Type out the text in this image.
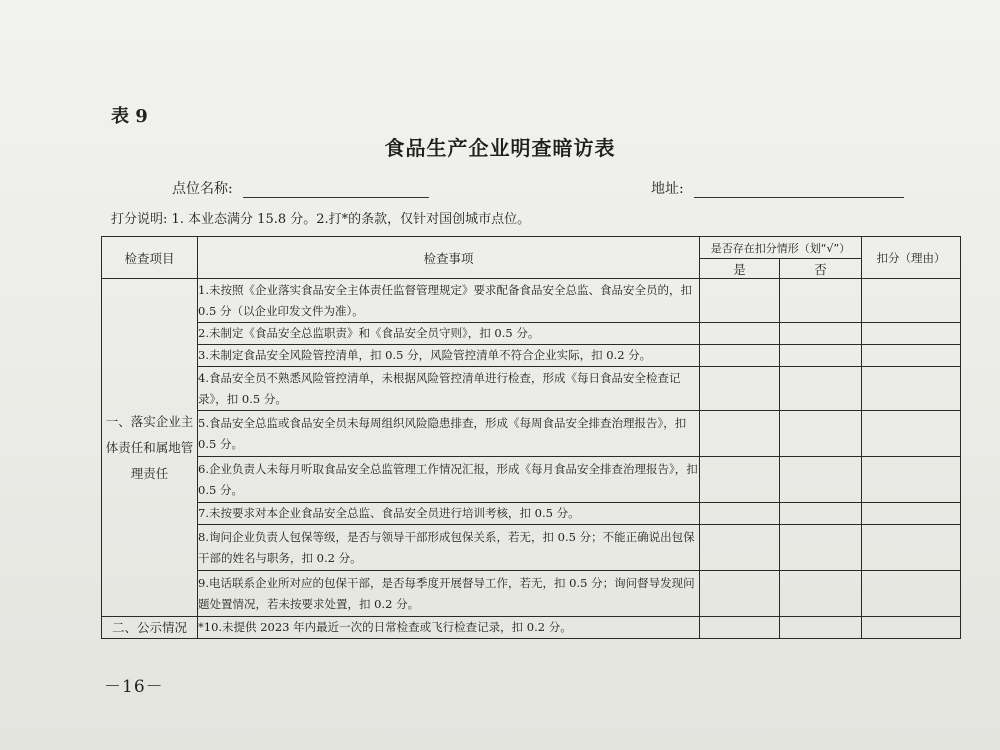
表 9
食品生产企业明查暗访表
点位名称:	地址:
打分说明: 1. 本业态满分 15.8 分。2.打*的条款，仅针对国创城市点位。
检查项目	检查事项	是否存在扣分情形（划“√”）		扣分（理由）
		是	否	
一、落实企业主体责任和属地管理责任	1.未按照《企业落实食品安全主体责任监督管理规定》要求配备食品安全总监、食品安全员的，扣 0.5 分（以企业印发文件为准）。			
	2.未制定《食品安全总监职责》和《食品安全员守则》，扣 0.5 分。			
	3.未制定食品安全风险管控清单，扣 0.5 分，风险管控清单不符合企业实际，扣 0.2 分。			
	4.食品安全员不熟悉风险管控清单，未根据风险管控清单进行检查，形成《每日食品安全检查记录》，扣 0.5 分。			
	5.食品安全总监或食品安全员未每周组织风险隐患排查，形成《每周食品安全排查治理报告》，扣 0.5 分。			
	6.企业负责人未每月听取食品安全总监管理工作情况汇报，形成《每月食品安全排查治理报告》，扣 0.5 分。			
	7.未按要求对本企业食品安全总监、食品安全员进行培训考核，扣 0.5 分。			
	8.询问企业负责人包保等级，是否与领导干部形成包保关系，若无，扣 0.5 分；不能正确说出包保干部的姓名与职务，扣 0.2 分。			
	9.电话联系企业所对应的包保干部，是否每季度开展督导工作，若无，扣 0.5 分；询问督导发现问题处置情况，若未按要求处置，扣 0.2 分。			
二、公示情况	*10.未提供 2023 年内最近一次的日常检查或飞行检查记录，扣 0.2 分。			
－16－
